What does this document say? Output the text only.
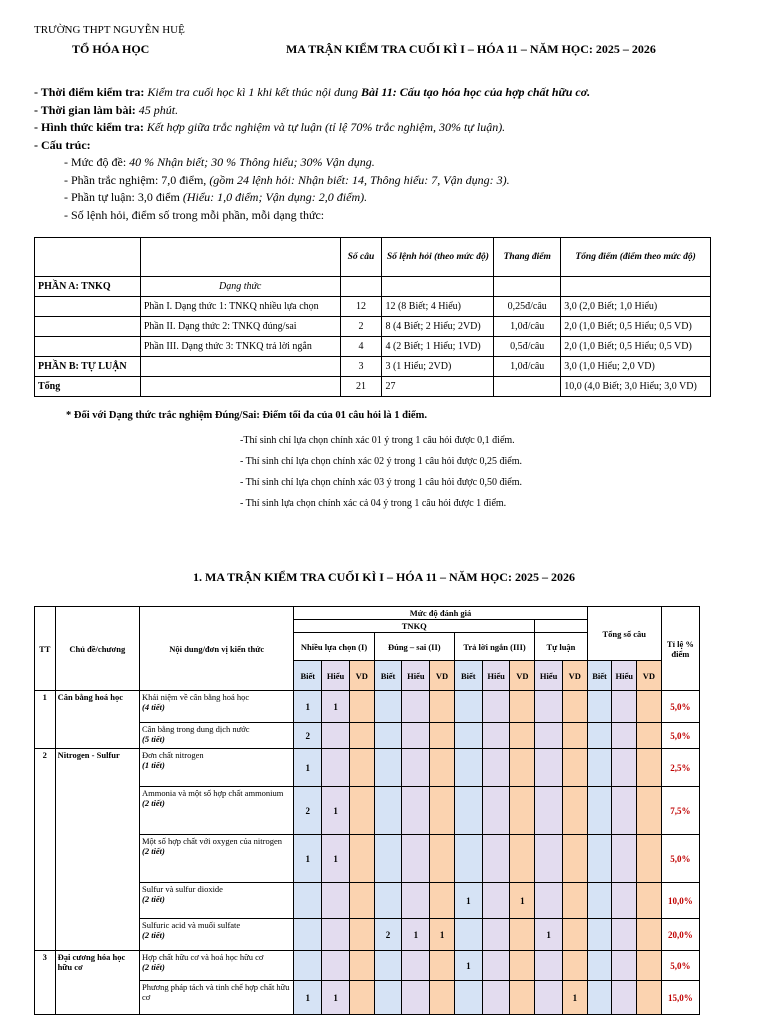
TRƯỜNG THPT NGUYỄN HUỆ
TỔ HÓA HỌC	MA TRẬN KIỂM TRA CUỐI KÌ I – HÓA 11 – NĂM HỌC: 2025 – 2026
- Thời điểm kiểm tra: Kiểm tra cuối học kì 1 khi kết thúc nội dung Bài 11: Cấu tạo hóa học của hợp chất hữu cơ.
- Thời gian làm bài: 45 phút.
- Hình thức kiểm tra: Kết hợp giữa trắc nghiệm và tự luận (tỉ lệ 70% trắc nghiệm, 30% tự luận).
- Cấu trúc:
- Mức độ đề: 40 % Nhận biết; 30 % Thông hiểu; 30% Vận dụng.
- Phần trắc nghiệm: 7,0 điểm, (gồm 24 lệnh hỏi: Nhận biết: 14, Thông hiểu: 7, Vận dụng: 3).
- Phần tự luận: 3,0 điểm (Hiểu: 1,0 điểm; Vận dụng: 2,0 điểm).
- Số lệnh hỏi, điểm số trong mỗi phần, mỗi dạng thức:
		Số câu	Số lệnh hỏi (theo mức độ)	Thang điểm	Tổng điểm (điểm theo mức độ)
PHẦN A: TNKQ	Dạng thức				
	Phần I. Dạng thức 1: TNKQ nhiều lựa chọn	12	12 (8 Biết; 4 Hiểu)	0,25đ/câu	3,0 (2,0 Biết; 1,0 Hiểu)
	Phần II. Dạng thức 2: TNKQ đúng/sai	2	8 (4 Biết; 2 Hiểu; 2VD)	1,0đ/câu	2,0 (1,0 Biết; 0,5 Hiểu; 0,5 VD)
	Phần III. Dạng thức 3: TNKQ trả lời ngắn	4	4 (2 Biết; 1 Hiểu; 1VD)	0,5đ/câu	2,0 (1,0 Biết; 0,5 Hiểu; 0,5 VD)
PHẦN B: TỰ LUẬN		3	3 (1 Hiểu; 2VD)	1,0đ/câu	3,0 (1,0 Hiểu; 2,0 VD)
Tổng		21	27		10,0 (4,0 Biết; 3,0 Hiểu; 3,0 VD)
* Đối với Dạng thức trắc nghiệm Đúng/Sai: Điểm tối đa của 01 câu hỏi là 1 điểm.
-Thí sinh chỉ lựa chọn chính xác 01 ý trong 1 câu hỏi được 0,1 điểm.
- Thí sinh chỉ lựa chọn chính xác 02 ý trong 1 câu hỏi được 0,25 điểm.
- Thí sinh chỉ lựa chọn chính xác 03 ý trong 1 câu hỏi được 0,50 điểm.
- Thí sinh lựa chọn chính xác cả 04 ý trong 1 câu hỏi được 1 điểm.
1. MA TRẬN KIỂM TRA CUỐI KÌ I – HÓA 11 – NĂM HỌC: 2025 – 2026
TT	Chủ đề/chương	Nội dung/đơn vị kiến thức	Mức độ đánh giá											Tổng số câu			Tỉ lệ % điểm
			TNKQ														
			Nhiều lựa chọn (I)			Đúng – sai (II)			Trả lời ngắn (III)			Tự luận					
			Biết	Hiểu	VD	Biết	Hiểu	VD	Biết	Hiểu	VD	Hiểu	VD	Biết	Hiểu	VD	
1	Cân bằng hoá học	Khái niệm về cân bằng hoá học
(4 tiết)	1	1													5,0%

		Cân bằng trong dung dịch nước
(5 tiết)	2														5,0%
2	Nitrogen - Sulfur	Đơn chất nitrogen
(1 tiết)	1														2,5%

		Ammonia và một số hợp chất ammonium
(2 tiết)	2	1													7,5%

		Một số hợp chất với oxygen của nitrogen
(2 tiết)	1	1													5,0%

		Sulfur và sulfur dioxide
(2 tiết)							1		1						10,0%

		Sulfuric acid và muối sulfate
(2 tiết)				2	1	1				1					20,0%
3	Đại cương hóa học hữu cơ	Hợp chất hữu cơ và hoá học hữu cơ
(2 tiết)							1								5,0%

		Phương pháp tách và tinh chế hợp chất hữu cơ	1	1									1				15,0%
